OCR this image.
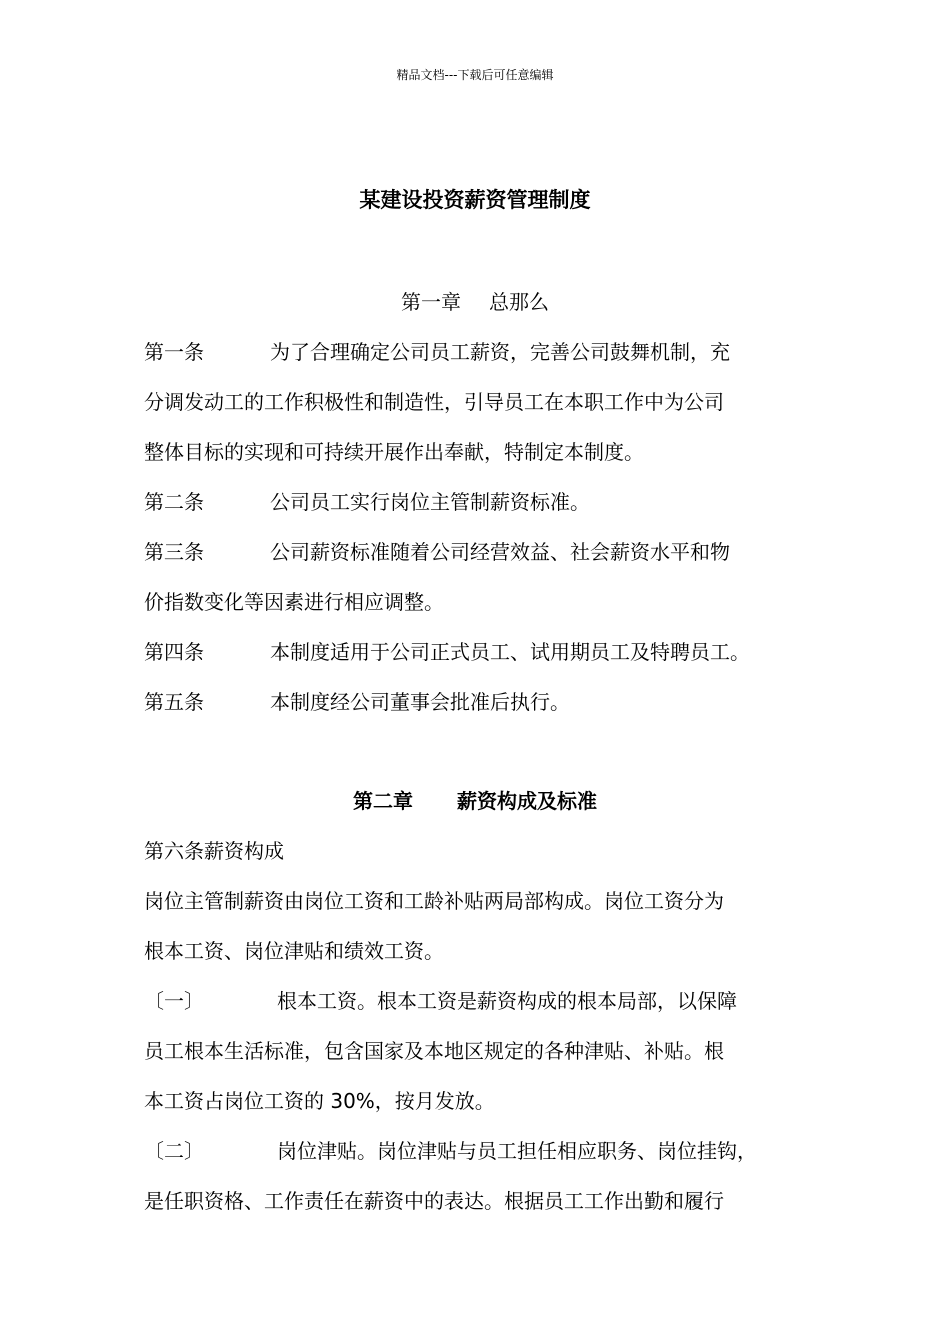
精品文档---下载后可任意编辑
某建设投资薪资管理制度
第一章 总那么
第一条	为了合理确定公司员工薪资，完善公司鼓舞机制，充
分调发动工的工作积极性和制造性，引导员工在本职工作中为公司
整体目标的实现和可持续开展作出奉献，特制定本制度。
第二条	公司员工实行岗位主管制薪资标准。
第三条	公司薪资标准随着公司经营效益、社会薪资水平和物
价指数变化等因素进行相应调整。
第四条	本制度适用于公司正式员工、试用期员工及特聘员工。
第五条	本制度经公司董事会批准后执行。
第二章 薪资构成及标准
第六条薪资构成
岗位主管制薪资由岗位工资和工龄补贴两局部构成。岗位工资分为
根本工资、岗位津贴和绩效工资。
〔一〕	根本工资。根本工资是薪资构成的根本局部，以保障
员工根本生活标准，包含国家及本地区规定的各种津贴、补贴。根
本工资占岗位工资的 30%，按月发放。
〔二〕	岗位津贴。岗位津贴与员工担任相应职务、岗位挂钩，
是任职资格、工作责任在薪资中的表达。根据员工工作出勤和履行
